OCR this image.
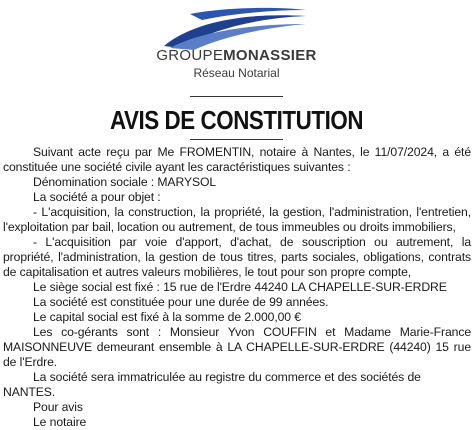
GROUPEMONASSIER
Réseau Notarial
AVIS DE CONSTITUTION

Suivant acte reçu par Me FROMENTIN, notaire à Nantes, le 11/07/2024, a été constituée une société civile ayant les caractéristiques suivantes :

Dénomination sociale : MARYSOL

La société a pour objet :

- L'acquisition, la construction, la propriété, la gestion, l'administration, l'entretien, l'exploitation par bail, location ou autrement, de tous immeubles ou droits immobiliers,

- L'acquisition par voie d'apport, d'achat, de souscription ou autrement, la propriété, l'administration, la gestion de tous titres, parts sociales, obligations, contrats de capitalisation et autres valeurs mobilières, le tout pour son propre compte,

Le siège social est fixé : 15 rue de l'Erdre 44240 LA CHAPELLE-SUR-ERDRE

La société est constituée pour une durée de 99 années.

Le capital social est fixé à la somme de 2.000,00 €

Les co-gérants sont : Monsieur Yvon COUFFIN et Madame Marie-France MAISONNEUVE demeurant ensemble à LA CHAPELLE-SUR-ERDRE (44240) 15 rue de l'Erdre.

La société sera immatriculée au registre du commerce et des sociétés de NANTES.

Pour avis

Le notaire
